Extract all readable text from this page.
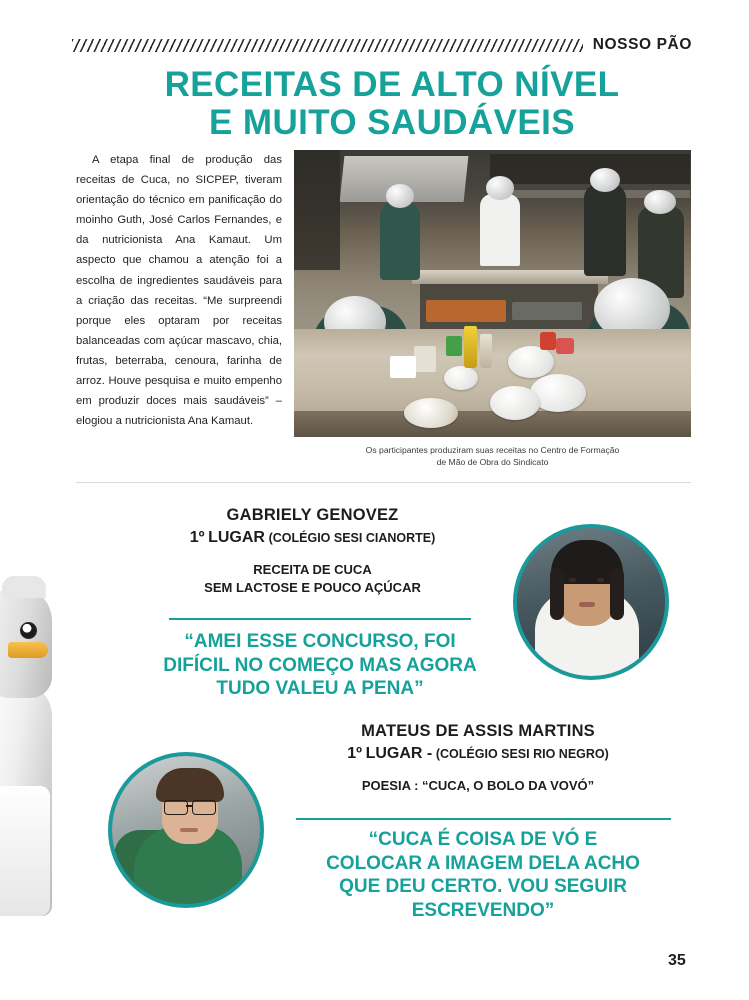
NOSSO PÃO
RECEITAS DE ALTO NÍVEL
E MUITO SAUDÁVEIS

A etapa final de produção das receitas de Cuca, no SICPEP, tiveram orientação do técnico em panificação do moinho Guth, José Carlos Fernandes, e da nutricionista Ana Kamaut. Um aspecto que chamou a atenção foi a escolha de ingredientes saudáveis para a criação das receitas. “Me surpreendi porque eles optaram por receitas balanceadas com açúcar mascavo, chia, frutas, beterraba, cenoura, farinha de arroz. Houve pesquisa e muito empenho em produzir doces mais saudáveis” – elogiou a nutricionista Ana Kamaut.

Os participantes produziram suas receitas no Centro de Formação
de Mão de Obra do Sindicato
GABRIELY GENOVEZ
1º LUGAR (COLÉGIO SESI CIANORTE)
RECEITA DE CUCA
SEM LACTOSE E POUCO AÇÚCAR
“AMEI ESSE CONCURSO, FOI
DIFÍCIL NO COMEÇO MAS AGORA
TUDO VALEU A PENA”
MATEUS DE ASSIS MARTINS
1º LUGAR - (COLÉGIO SESI RIO NEGRO)
POESIA : “CUCA, O BOLO DA VOVÓ”
“CUCA É COISA DE VÓ E
COLOCAR A IMAGEM DELA ACHO
QUE DEU CERTO. VOU SEGUIR
ESCREVENDO”
35
